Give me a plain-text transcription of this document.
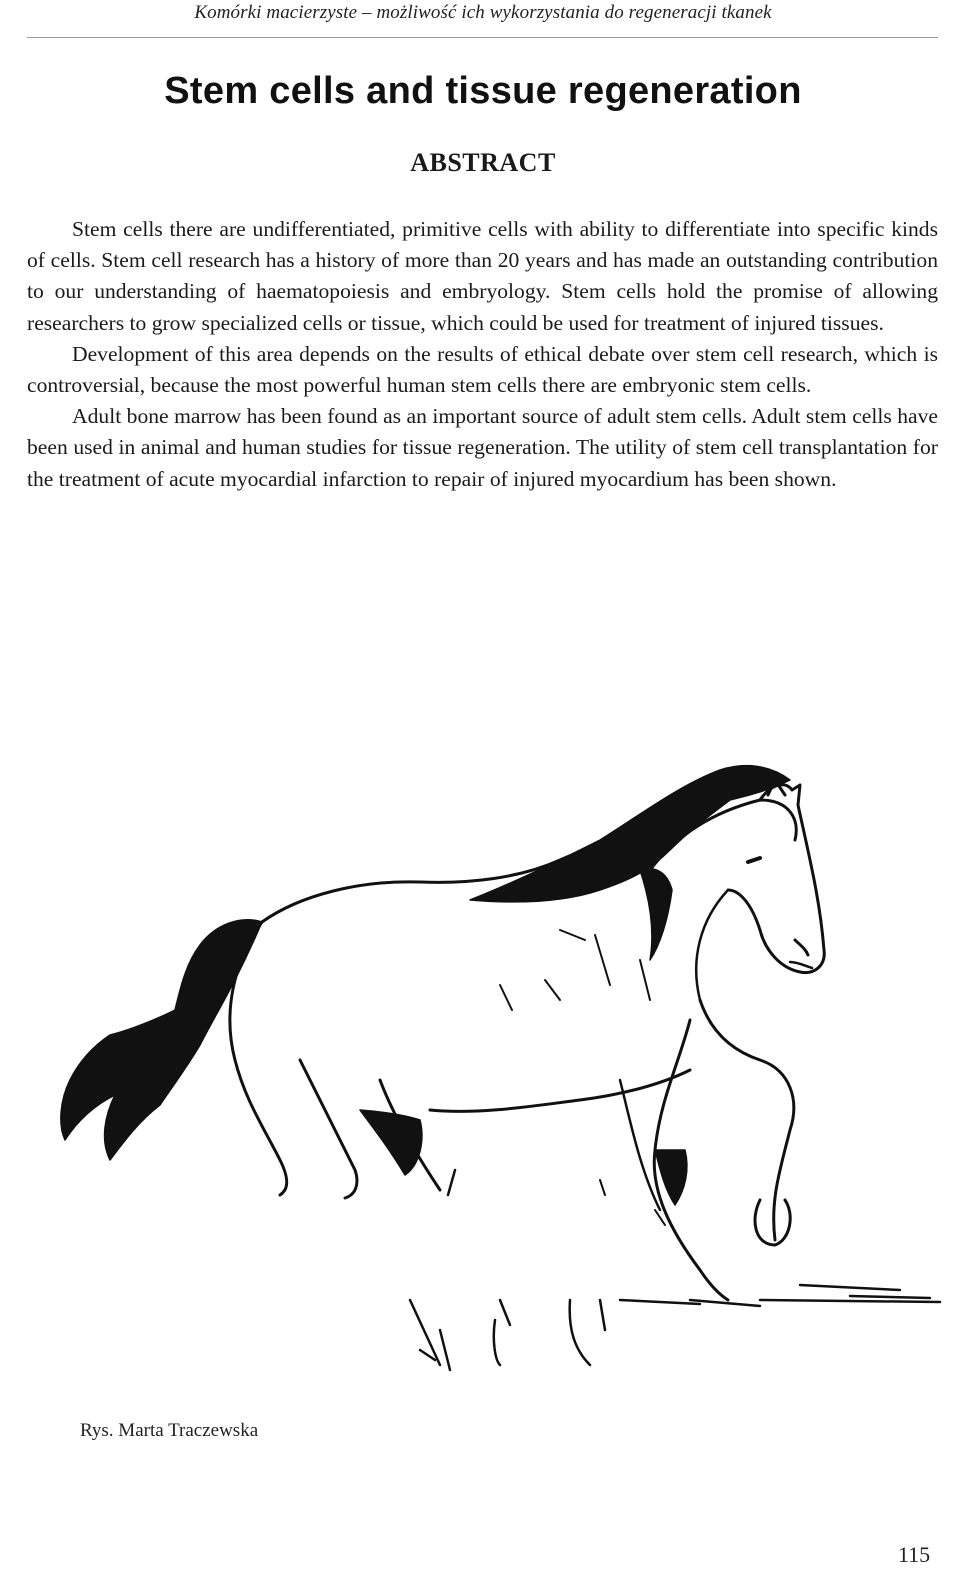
Komórki macierzyste – możliwość ich wykorzystania do regeneracji tkanek
Stem cells and tissue regeneration
ABSTRACT

Stem cells there are undifferentiated, primitive cells with ability to differentiate into specific kinds of cells. Stem cell research has a history of more than 20 years and has made an outstanding contribution to our understanding of haematopoiesis and embryology. Stem cells hold the promise of allowing researchers to grow specialized cells or tissue, which could be used for treatment of injured tissues.

Development of this area depends on the results of ethical debate over stem cell research, which is controversial, because the most powerful human stem cells there are embryonic stem cells.

Adult bone marrow has been found as an important source of adult stem cells. Adult stem cells have been used in animal and human studies for tissue regeneration. The utility of stem cell transplantation for the treatment of acute myocardial infarction to repair of injured myocardium has been shown.

Rys. Marta Traczewska
115
